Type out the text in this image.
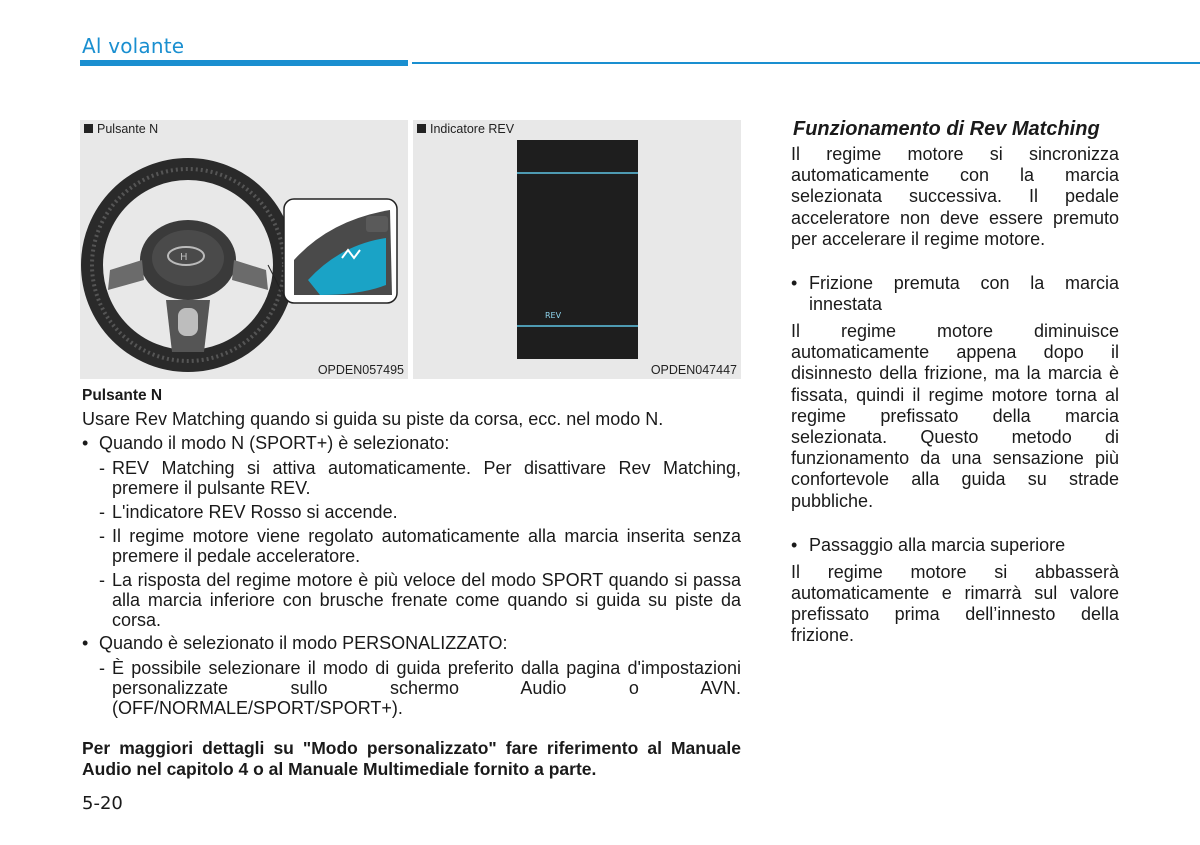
Al volante
H
Pulsante N
OPDEN057495
REV
Indicatore REV
OPDEN047447
Pulsante N

Usare Rev Matching quando si guida su piste da corsa, ecc. nel modo N.

• Quando il modo N (SPORT+) è selezionato:
- REV Matching si attiva automaticamente. Per disattivare Rev Matching, premere il pulsante REV.
- L'indicatore REV Rosso si accende.
- Il regime motore viene regolato automaticamente alla marcia inserita senza premere il pedale acceleratore.
- La risposta del regime motore è più veloce del modo SPORT quando si passa alla marcia inferiore con brusche frenate come quando si guida su piste da corsa.
• Quando è selezionato il modo PERSONALIZZATO:
- È possibile selezionare il modo di guida preferito dalla pagina d'impostazioni personalizzate sullo schermo Audio o AVN. (OFF/NORMALE/SPORT/SPORT+).
Per maggiori dettagli su "Modo personalizzato" fare riferimento al Manuale Audio nel capitolo 4 o al Manuale Multimediale fornito a parte.
Funzionamento di Rev Matching

Il regime motore si sincronizza automaticamente con la marcia selezionata successiva. Il pedale acceleratore non deve essere premuto per accelerare il regime motore.

• Frizione premuta con la marcia innestata

Il regime motore diminuisce automaticamente appena dopo il disinnesto della frizione, ma la marcia è fissata, quindi il regime motore torna al regime prefissato della marcia selezionata. Questo metodo di funzionamento da una sensazione più confortevole alla guida su strade pubbliche.

• Passaggio alla marcia superiore

Il regime motore si abbasserà automaticamente e rimarrà sul valore prefissato prima dell’innesto della frizione.

5-20
